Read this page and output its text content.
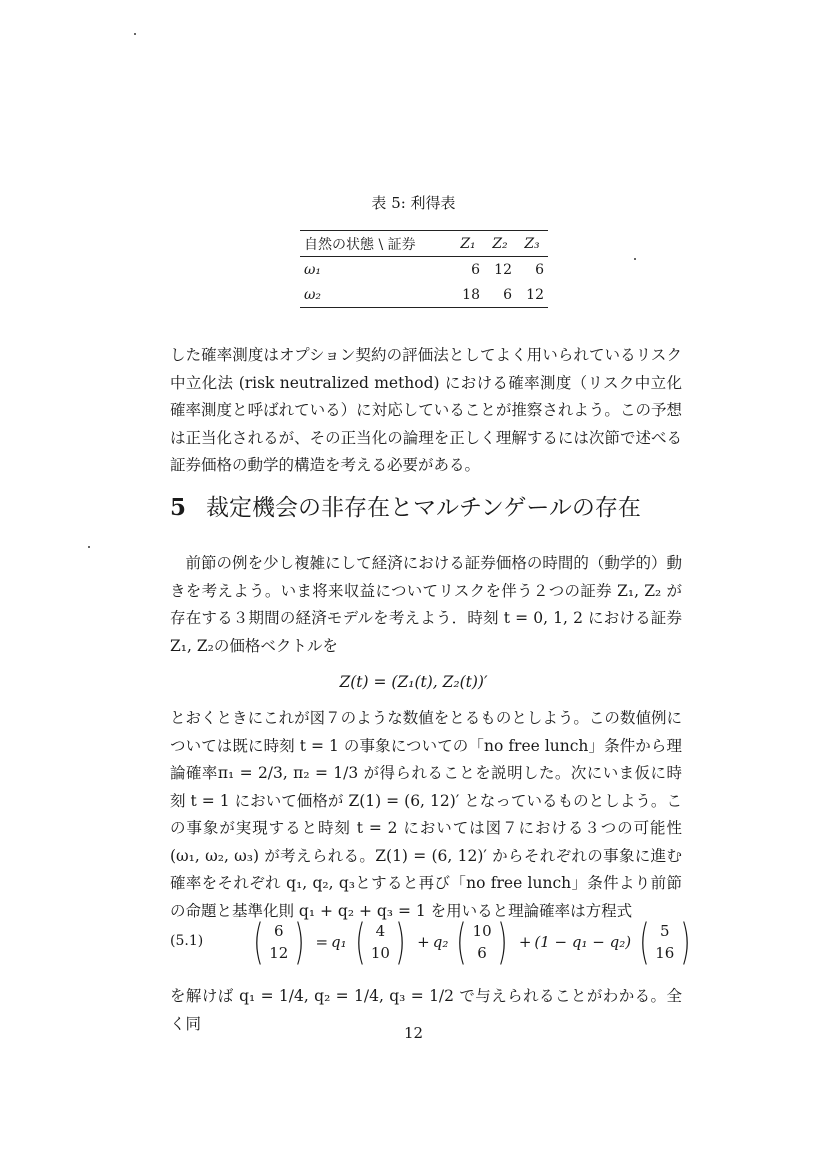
表 5: 利得表
自然の状態 \ 証券	Z₁	Z₂	Z₃
ω₁	6	12	6
ω₂	18	6	12

した確率測度はオプション契約の評価法としてよく用いられているリスク中立化法 (risk neutralized method) における確率測度（リスク中立化確率測度と呼ばれている）に対応していることが推察されよう。この予想は正当化されるが、その正当化の論理を正しく理解するには次節で述べる証券価格の動学的構造を考える必要がある。

5 裁定機会の非存在とマルチンゲールの存在

前節の例を少し複雑にして経済における証券価格の時間的（動学的）動きを考えよう。いま将来収益についてリスクを伴う２つの証券 Z₁, Z₂ が存在する３期間の経済モデルを考えよう．時刻 t = 0, 1, 2 における証券 Z₁, Z₂の価格ベクトルを

Z(t) = (Z₁(t), Z₂(t))′

とおくときにこれが図７のような数値をとるものとしよう。この数値例については既に時刻 t = 1 の事象についての「no free lunch」条件から理論確率π₁ = 2/3, π₂ = 1/3 が得られることを説明した。次にいま仮に時刻 t = 1 において価格が Z(1) = (6, 12)′ となっているものとしよう。この事象が実現すると時刻 t = 2 においては図７における３つの可能性 (ω₁, ω₂, ω₃) が考えられる。Z(1) = (6, 12)′ からそれぞれの事象に進む確率をそれぞれ q₁, q₂, q₃とすると再び「no free lunch」条件より前節の命題と基準化則 q₁ + q₂ + q₃ = 1 を用いると理論確率は方程式

(5.1) ( 6
12 ) = q₁ ( 4
10 ) + q₂ ( 10
6 ) + (1 − q₁ − q₂) ( 5
16 )

を解けば q₁ = 1/4, q₂ = 1/4, q₃ = 1/2 で与えられることがわかる。全く同

12
